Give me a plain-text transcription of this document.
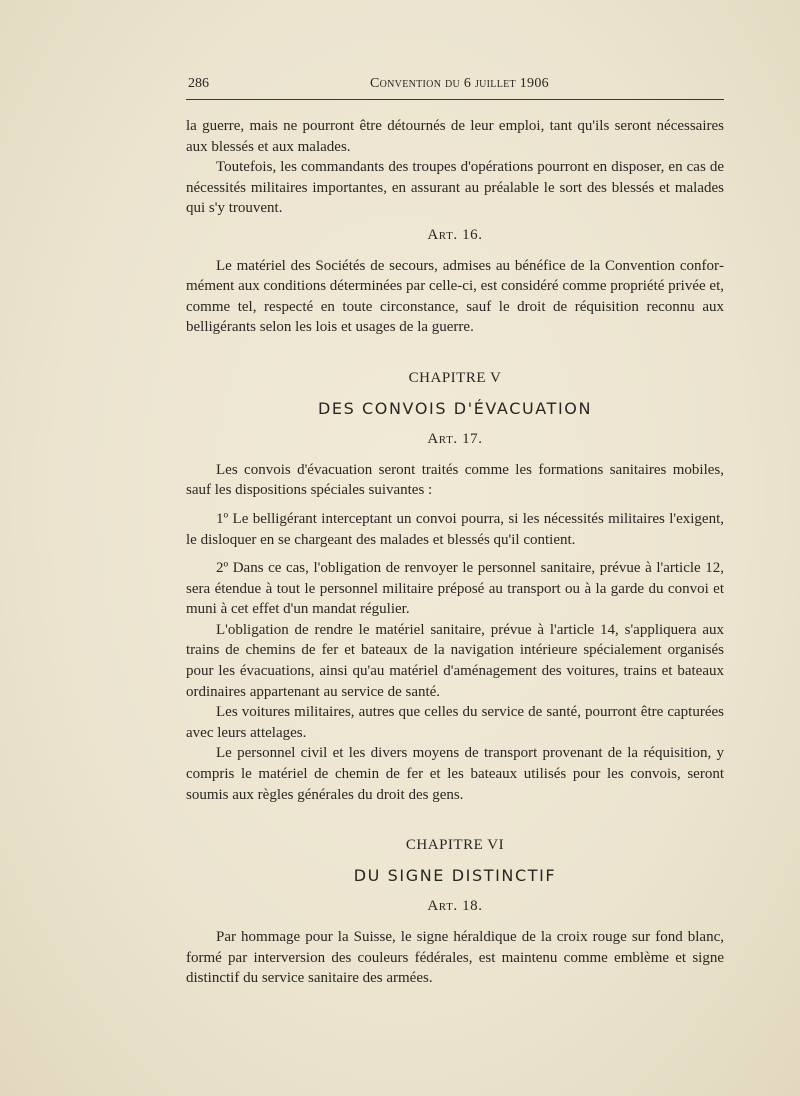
286	Convention du 6 juillet 1906

la guerre, mais ne pourront être détournés de leur emploi, tant qu'ils seront nécessaires aux blessés et aux malades.

Toutefois, les commandants des troupes d'opérations pourront en disposer, en cas de nécessités militaires importantes, en assurant au préalable le sort des blessés et malades qui s'y trouvent.

Art. 16.

Le matériel des Sociétés de secours, admises au bénéfice de la Convention conformément aux conditions déterminées par celle-ci, est considéré comme propriété privée et, comme tel, respecté en toute circonstance, sauf le droit de réquisition reconnu aux belligérants selon les lois et usages de la guerre.

CHAPITRE V

DES CONVOIS D'ÉVACUATION

Art. 17.

Les convois d'évacuation seront traités comme les formations sanitaires mobiles, sauf les dispositions spéciales suivantes :

1º Le belligérant interceptant un convoi pourra, si les nécessités militaires l'exigent, le disloquer en se chargeant des malades et blessés qu'il contient.

2º Dans ce cas, l'obligation de renvoyer le personnel sanitaire, prévue à l'article 12, sera étendue à tout le personnel militaire préposé au transport ou à la garde du convoi et muni à cet effet d'un mandat régulier.

L'obligation de rendre le matériel sanitaire, prévue à l'article 14, s'appliquera aux trains de chemins de fer et bateaux de la navigation intérieure spécialement organisés pour les évacuations, ainsi qu'au matériel d'aménagement des voitures, trains et bateaux ordinaires appartenant au service de santé.

Les voitures militaires, autres que celles du service de santé, pourront être capturées avec leurs attelages.

Le personnel civil et les divers moyens de transport provenant de la réquisition, y compris le matériel de chemin de fer et les bateaux utilisés pour les convois, seront soumis aux règles générales du droit des gens.

CHAPITRE VI

DU SIGNE DISTINCTIF

Art. 18.

Par hommage pour la Suisse, le signe héraldique de la croix rouge sur fond blanc, formé par interversion des couleurs fédérales, est maintenu comme emblème et signe distinctif du service sanitaire des armées.
